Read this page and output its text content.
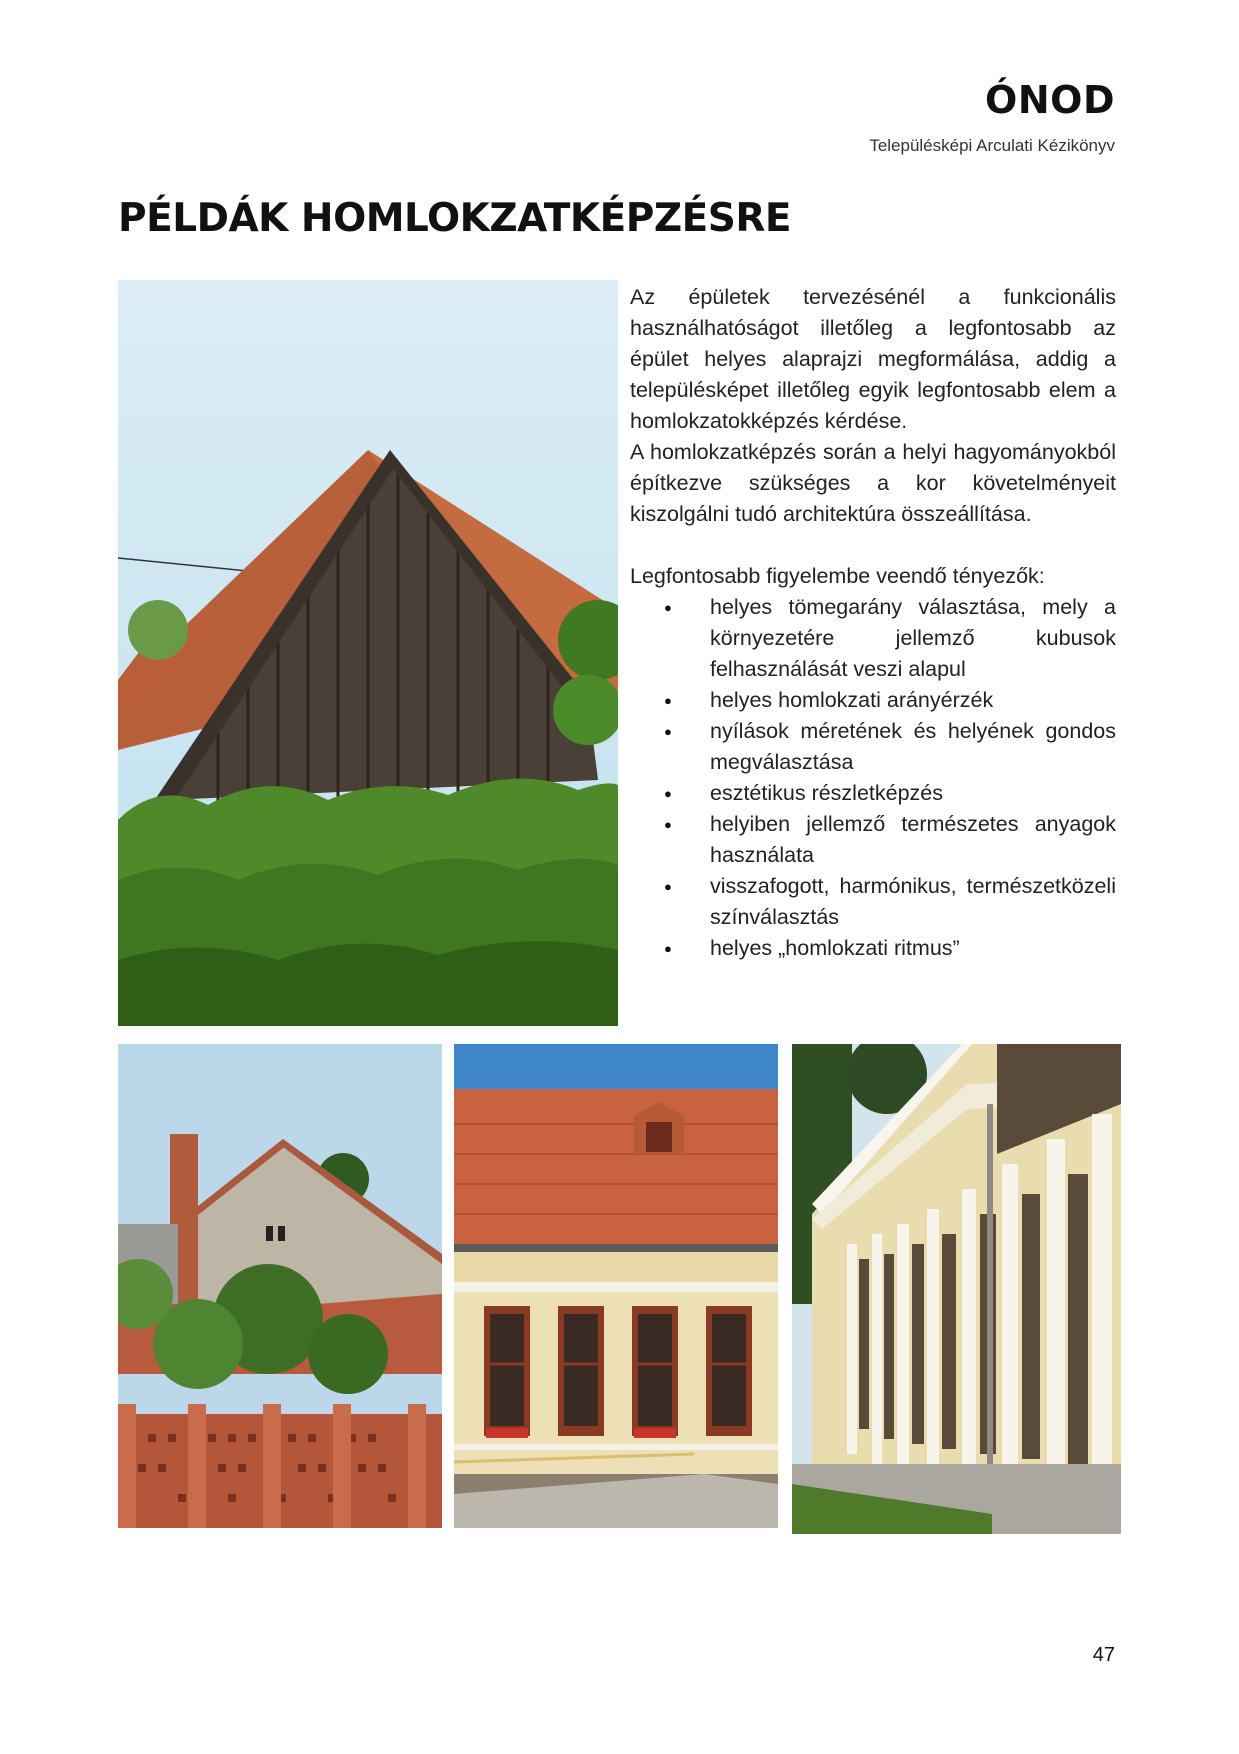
ÓNOD
Településképi Arculati Kézikönyv
PÉLDÁK HOMLOKZATKÉPZÉSRE

Az épületek tervezésénél a funkcionális használhatóságot illetőleg a legfontosabb az épület helyes alaprajzi megformálása, addig a településképet illetőleg egyik legfontosabb elem a homlokzatokképzés kérdése.

A homlokzatképzés során a helyi hagyományokból építkezve szükséges a kor követelményeit kiszolgálni tudó architektúra összeállítása.

Legfontosabb figyelembe veendő tényezők:

● helyes tömegarány választása, mely a környezetére jellemző kubusok felhasználását veszi alapul
● helyes homlokzati arányérzék
● nyílások méretének és helyének gondos megválasztása
● esztétikus részletképzés
● helyiben jellemző természetes anyagok használata
● visszafogott, harmónikus, természetközeli színválasztás
● helyes „homlokzati ritmus”
47
